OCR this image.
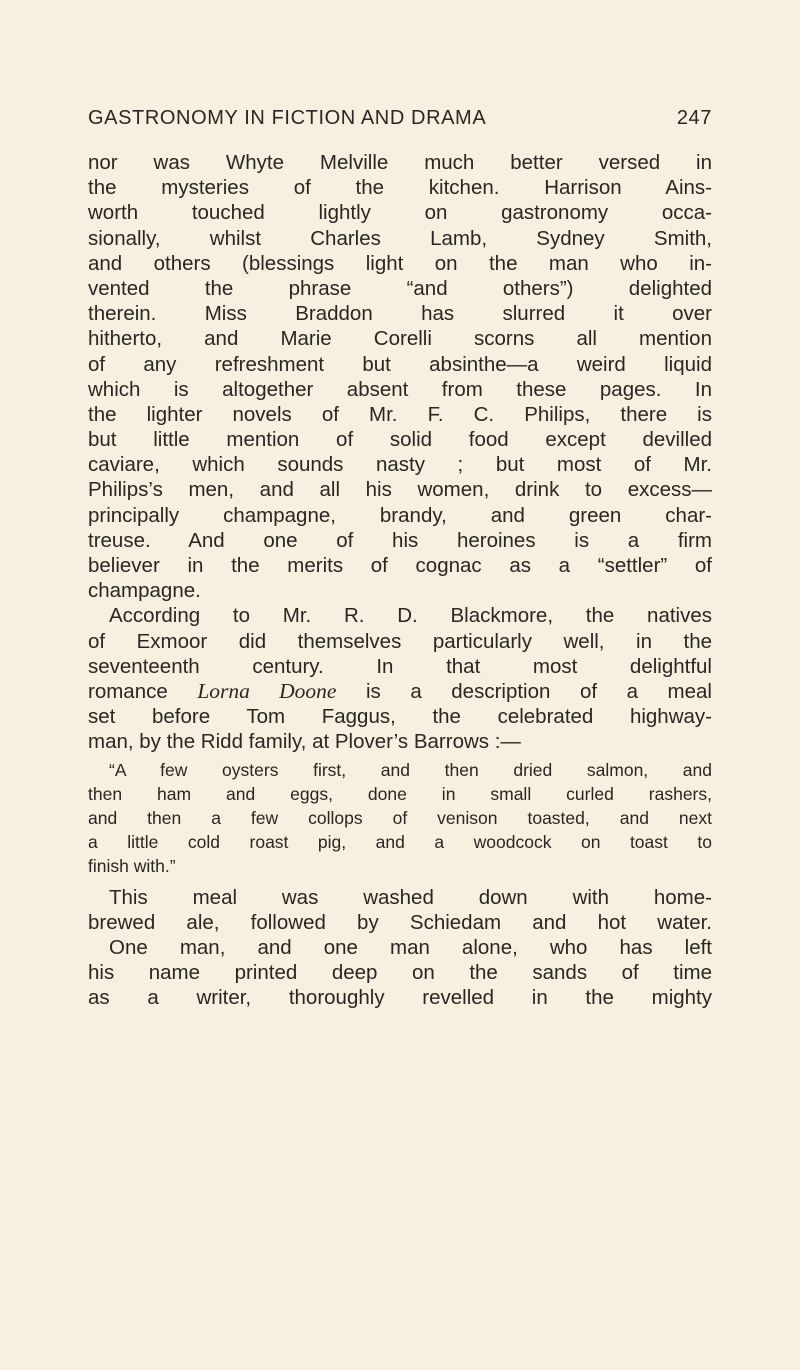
GASTRONOMY IN FICTION AND DRAMA	247
nor was Whyte Melville much better versed in
the mysteries of the kitchen. Harrison Ains-
worth touched lightly on gastronomy occa-
sionally, whilst Charles Lamb, Sydney Smith,
and others (blessings light on the man who in-
vented the phrase “and others”) delighted
therein. Miss Braddon has slurred it over
hitherto, and Marie Corelli scorns all mention
of any refreshment but absinthe—a weird liquid
which is altogether absent from these pages. In
the lighter novels of Mr. F. C. Philips, there is
but little mention of solid food except devilled
caviare, which sounds nasty ; but most of Mr.
Philips’s men, and all his women, drink to excess—
principally champagne, brandy, and green char-
treuse. And one of his heroines is a firm
believer in the merits of cognac as a “settler” of
champagne.
According to Mr. R. D. Blackmore, the natives
of Exmoor did themselves particularly well, in the
seventeenth century. In that most delightful
romance Lorna Doone is a description of a meal
set before Tom Faggus, the celebrated highway-
man, by the Ridd family, at Plover’s Barrows :—
“A few oysters first, and then dried salmon, and
then ham and eggs, done in small curled rashers,
and then a few collops of venison toasted, and next
a little cold roast pig, and a woodcock on toast to
finish with.”
This meal was washed down with home-
brewed ale, followed by Schiedam and hot water.
One man, and one man alone, who has left
his name printed deep on the sands of time
as a writer, thoroughly revelled in the mighty
